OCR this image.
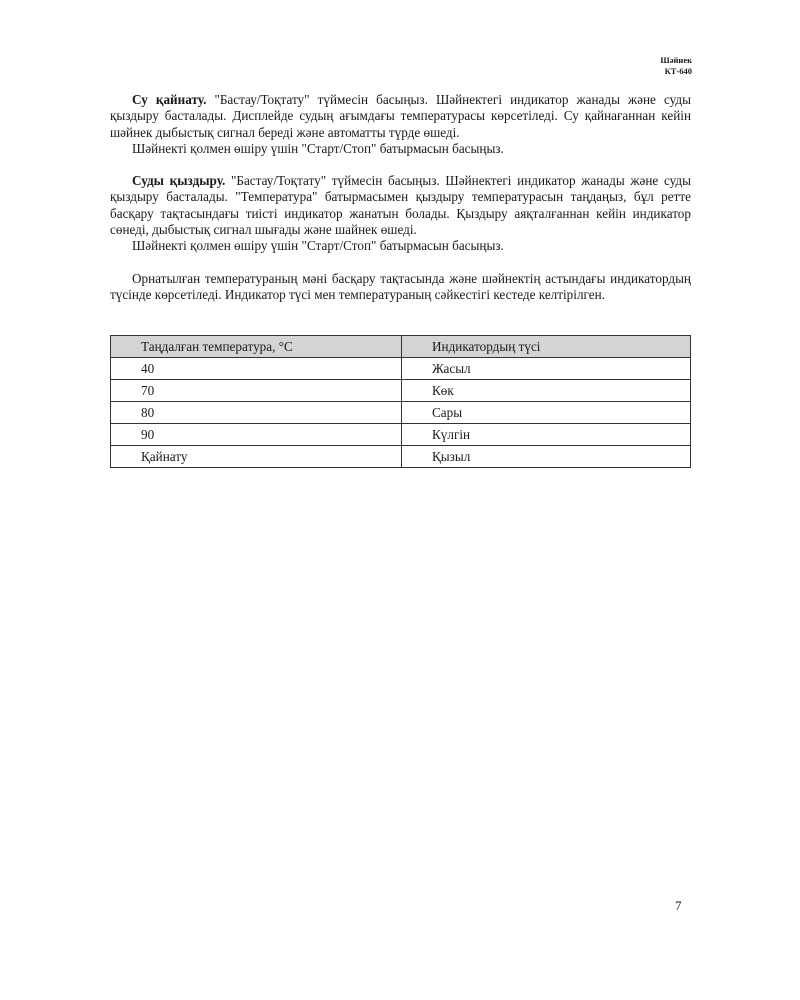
Шәйнек
КТ-640

Су қайнату. "Бастау/Тоқтату" түймесін басыңыз. Шәйнектегі индикатор жанады және суды қыздыру басталады. Дисплейде судың ағымдағы температурасы көрсетіледі. Су қайнағаннан кейін шәйнек дыбыстық сигнал береді және автоматты түрде өшеді.

Шәйнекті қолмен өшіру үшін "Старт/Стоп" батырмасын басыңыз.

Суды қыздыру. "Бастау/Тоқтату" түймесін басыңыз. Шәйнектегі индикатор жанады және суды қыздыру басталады. "Температура" батырмасымен қыздыру температурасын таңдаңыз, бұл ретте басқару тақтасындағы тиісті индикатор жанатын болады. Қыздыру аяқталғаннан кейін индикатор сөнеді, дыбыстық сигнал шығады және шайнек өшеді.

Шәйнекті қолмен өшіру үшін "Старт/Стоп" батырмасын басыңыз.

Орнатылған температураның мәні басқару тақтасында және шәйнектің астындағы индикатордың түсінде көрсетіледі. Индикатор түсі мен температураның сәйкестігі кестеде келтірілген.

Таңдалған температура, °С	Индикатордың түсі
40	Жасыл
70	Көк
80	Сары
90	Күлгін
Қайнату	Қызыл
7
